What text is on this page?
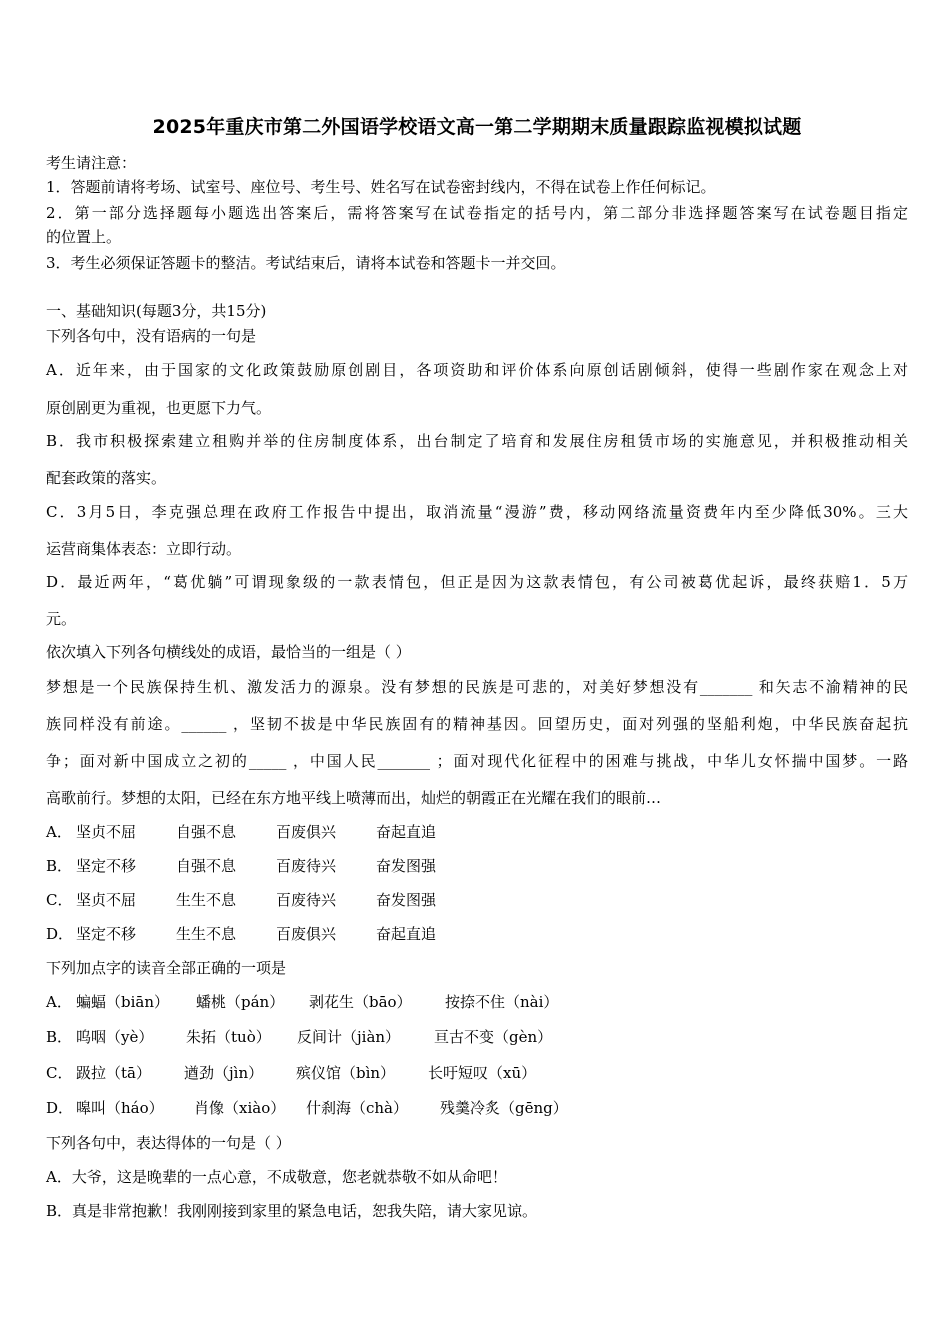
2025年重庆市第二外国语学校语文高一第二学期期末质量跟踪监视模拟试题
考生请注意：
1．答题前请将考场、试室号、座位号、考生号、姓名写在试卷密封线内，不得在试卷上作任何标记。
2．第一部分选择题每小题选出答案后，需将答案写在试卷指定的括号内，第二部分非选择题答案写在试卷题目指定
的位置上。
3．考生必须保证答题卡的整洁。考试结束后，请将本试卷和答题卡一并交回。
一、基础知识(每题3分，共15分)
下列各句中，没有语病的一句是
A．近年来，由于国家的文化政策鼓励原创剧目，各项资助和评价体系向原创话剧倾斜，使得一些剧作家在观念上对
原创剧更为重视，也更愿下力气。
B．我市积极探索建立租购并举的住房制度体系，出台制定了培育和发展住房租赁市场的实施意见，并积极推动相关
配套政策的落实。
C．3月5日，李克强总理在政府工作报告中提出，取消流量“漫游”费，移动网络流量资费年内至少降低30%。三大
运营商集体表态：立即行动。
D．最近两年，“葛优躺”可谓现象级的一款表情包，但正是因为这款表情包，有公司被葛优起诉，最终获赔1．5万
元。
依次填入下列各句横线处的成语，最恰当的一组是（ ）
梦想是一个民族保持生机、激发活力的源泉。没有梦想的民族是可悲的，对美好梦想没有_______ 和矢志不渝精神的民
族同样没有前途。______ ，坚韧不拔是中华民族固有的精神基因。回望历史，面对列强的坚船利炮，中华民族奋起抗
争；面对新中国成立之初的_____ ，中国人民_______ ；面对现代化征程中的困难与挑战，中华儿女怀揣中国梦。一路
高歌前行。梦想的太阳，已经在东方地平线上喷薄而出，灿烂的朝霞正在光耀在我们的眼前…
A． 坚贞不屈	自强不息	百废俱兴	奋起直追
B． 坚定不移	自强不息	百废待兴	奋发图强
C． 坚贞不屈	生生不息	百废待兴	奋发图强
D． 坚定不移	生生不息	百废俱兴	奋起直追
下列加点字的读音全部正确的一项是
A． 蝙蝠（biān） 蟠桃（pán） 剥花生（bāo） 按捺不住（nài）
B． 呜咽（yè） 朱拓（tuò） 反间计（jiàn） 亘古不变（gèn）
C． 趿拉（tā） 遒劲（jìn） 殡仪馆（bìn） 长吁短叹（xū）
D． 嗥叫（háo） 肖像（xiào） 什刹海（chà） 残羹冷炙（gēng）
下列各句中，表达得体的一句是（ ）
A．大爷，这是晚辈的一点心意，不成敬意，您老就恭敬不如从命吧！
B．真是非常抱歉！我刚刚接到家里的紧急电话，恕我失陪，请大家见谅。
